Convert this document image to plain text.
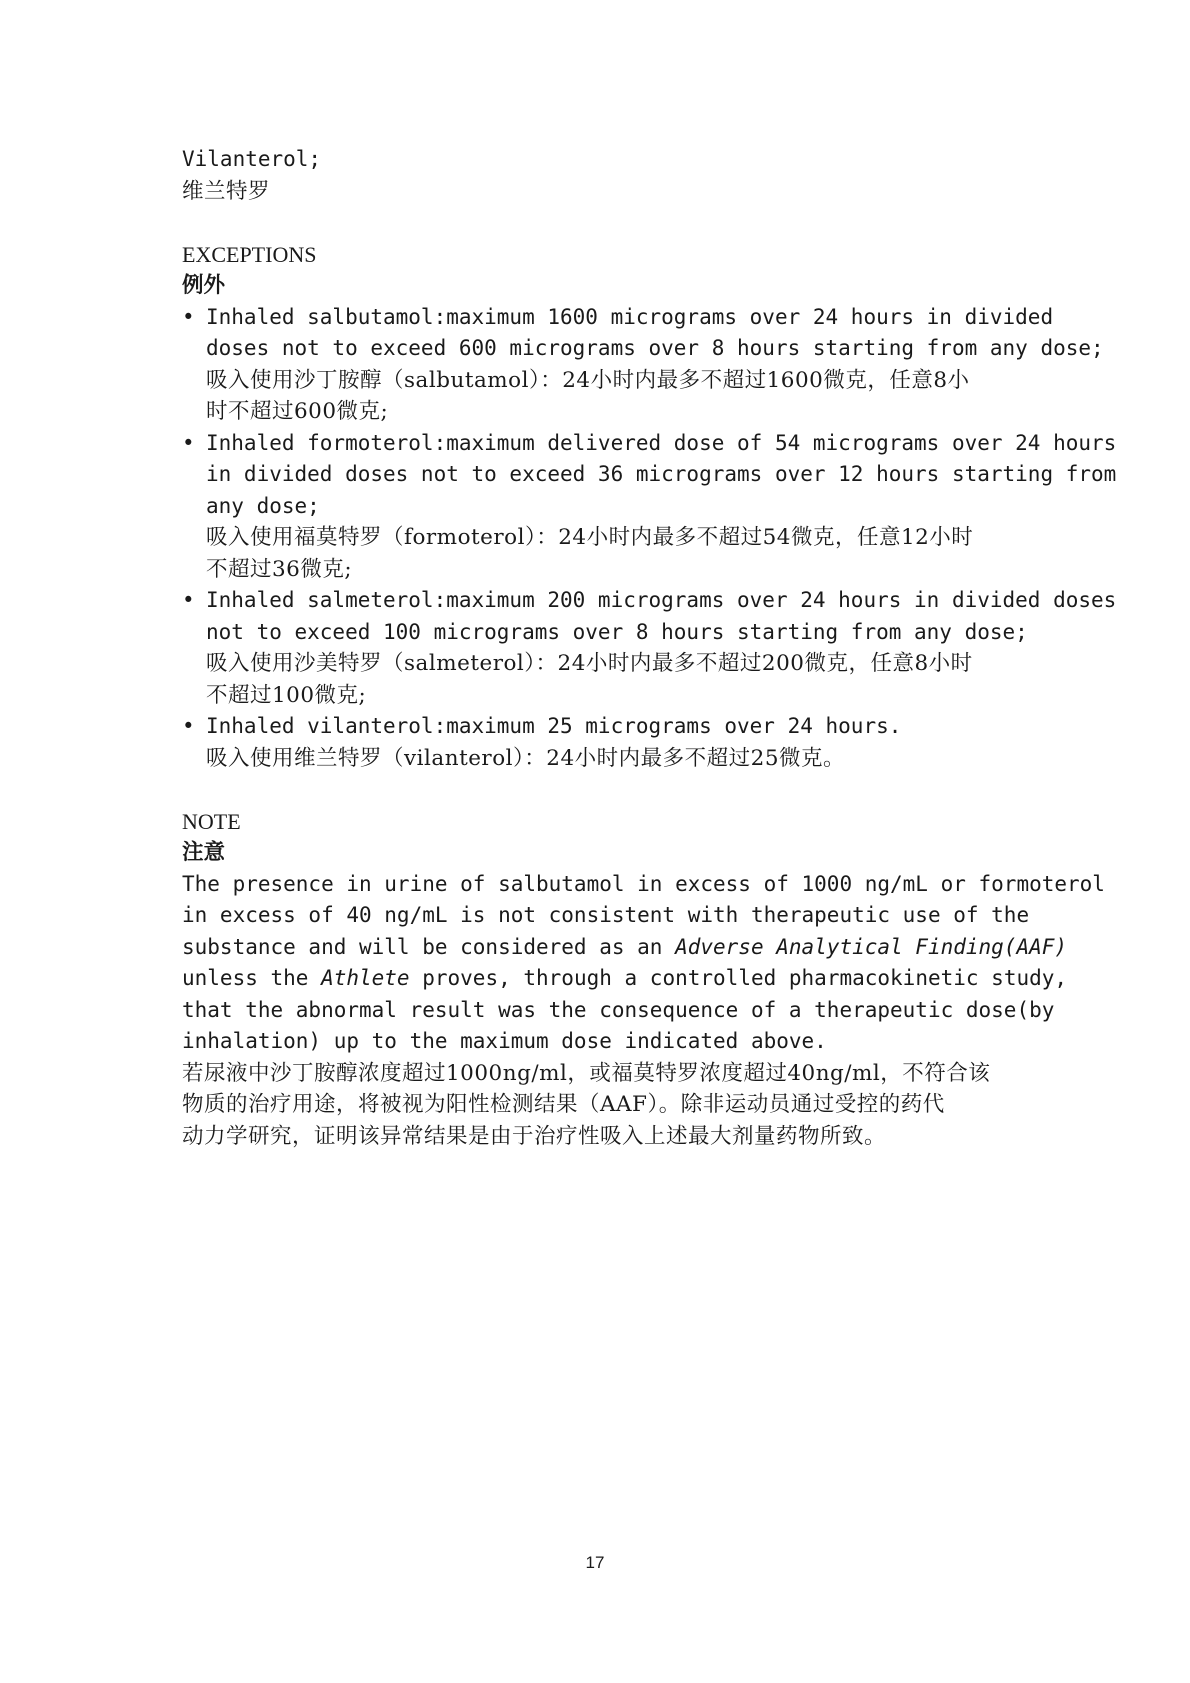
Vilanterol;
维兰特罗
EXCEPTIONS
例外
• Inhaled salbutamol:maximum 1600 micrograms over 24 hours in divided
doses not to exceed 600 micrograms over 8 hours starting from any dose;
吸入使用沙丁胺醇（salbutamol）：24小时内最多不超过1600微克，任意8小
时不超过600微克;
• Inhaled formoterol:maximum delivered dose of 54 micrograms over 24 hours
in divided doses not to exceed 36 micrograms over 12 hours starting from
any dose;
吸入使用福莫特罗（formoterol）：24小时内最多不超过54微克，任意12小时
不超过36微克;
• Inhaled salmeterol:maximum 200 micrograms over 24 hours in divided doses
not to exceed 100 micrograms over 8 hours starting from any dose;
吸入使用沙美特罗（salmeterol）：24小时内最多不超过200微克，任意8小时
不超过100微克;
• Inhaled vilanterol:maximum 25 micrograms over 24 hours.
吸入使用维兰特罗（vilanterol）：24小时内最多不超过25微克。
NOTE
注意
The presence in urine of salbutamol in excess of 1000 ng/mL or formoterol
in excess of 40 ng/mL is not consistent with therapeutic use of the
substance and will be considered as an Adverse Analytical Finding(AAF)
unless the Athlete proves, through a controlled pharmacokinetic study,
that the abnormal result was the consequence of a therapeutic dose(by
inhalation) up to the maximum dose indicated above.
若尿液中沙丁胺醇浓度超过1000ng/ml，或福莫特罗浓度超过40ng/ml，不符合该
物质的治疗用途，将被视为阳性检测结果（AAF）。除非运动员通过受控的药代
动力学研究，证明该异常结果是由于治疗性吸入上述最大剂量药物所致。
17
